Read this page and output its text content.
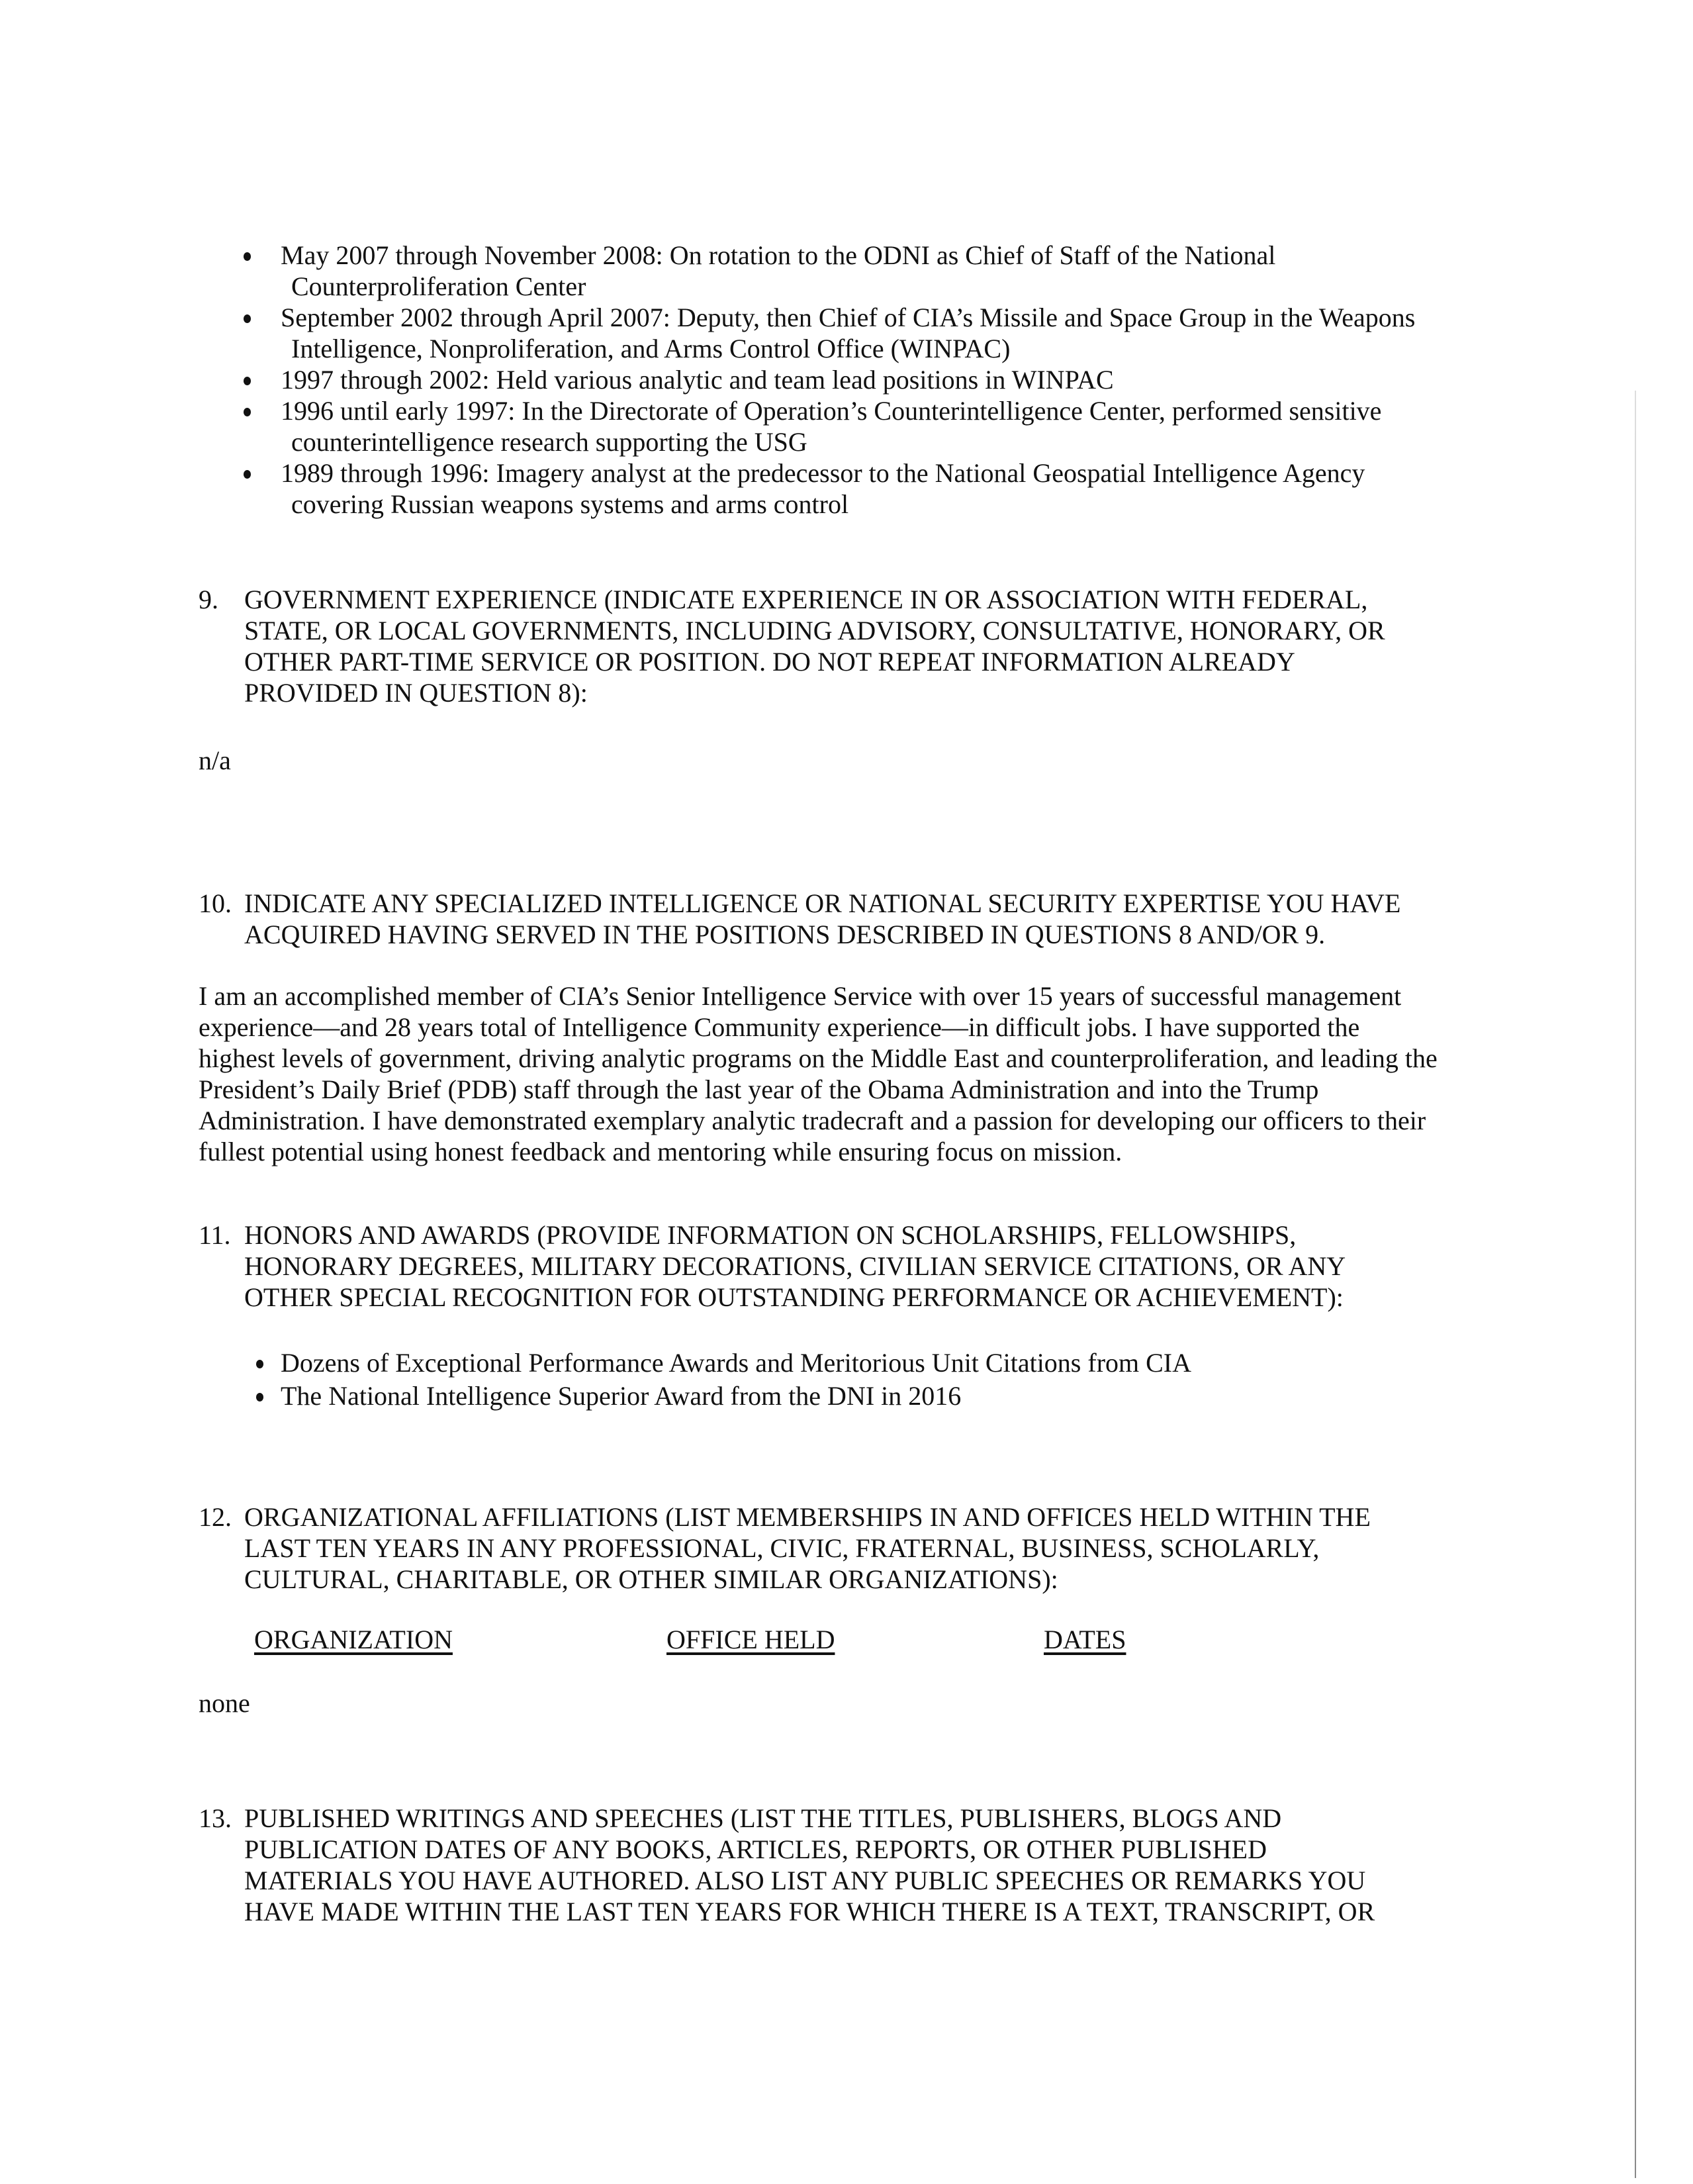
May 2007 through November 2008: On rotation to the ODNI as Chief of Staff of the National
Counterproliferation Center
September 2002 through April 2007: Deputy, then Chief of CIA’s Missile and Space Group in the Weapons
Intelligence, Nonproliferation, and Arms Control Office (WINPAC)
1997 through 2002: Held various analytic and team lead positions in WINPAC
1996 until early 1997: In the Directorate of Operation’s Counterintelligence Center, performed sensitive
counterintelligence research supporting the USG
1989 through 1996: Imagery analyst at the predecessor to the National Geospatial Intelligence Agency
covering Russian weapons systems and arms control
9. GOVERNMENT EXPERIENCE (INDICATE EXPERIENCE IN OR ASSOCIATION WITH FEDERAL,
STATE, OR LOCAL GOVERNMENTS, INCLUDING ADVISORY, CONSULTATIVE, HONORARY, OR
OTHER PART-TIME SERVICE OR POSITION. DO NOT REPEAT INFORMATION ALREADY
PROVIDED IN QUESTION 8):
n/a
10. INDICATE ANY SPECIALIZED INTELLIGENCE OR NATIONAL SECURITY EXPERTISE YOU HAVE
ACQUIRED HAVING SERVED IN THE POSITIONS DESCRIBED IN QUESTIONS 8 AND/OR 9.
I am an accomplished member of CIA’s Senior Intelligence Service with over 15 years of successful management
experience—and 28 years total of Intelligence Community experience—in difficult jobs. I have supported the
highest levels of government, driving analytic programs on the Middle East and counterproliferation, and leading the
President’s Daily Brief (PDB) staff through the last year of the Obama Administration and into the Trump
Administration. I have demonstrated exemplary analytic tradecraft and a passion for developing our officers to their
fullest potential using honest feedback and mentoring while ensuring focus on mission.
11. HONORS AND AWARDS (PROVIDE INFORMATION ON SCHOLARSHIPS, FELLOWSHIPS,
HONORARY DEGREES, MILITARY DECORATIONS, CIVILIAN SERVICE CITATIONS, OR ANY
OTHER SPECIAL RECOGNITION FOR OUTSTANDING PERFORMANCE OR ACHIEVEMENT):
Dozens of Exceptional Performance Awards and Meritorious Unit Citations from CIA
The National Intelligence Superior Award from the DNI in 2016
12. ORGANIZATIONAL AFFILIATIONS (LIST MEMBERSHIPS IN AND OFFICES HELD WITHIN THE
LAST TEN YEARS IN ANY PROFESSIONAL, CIVIC, FRATERNAL, BUSINESS, SCHOLARLY,
CULTURAL, CHARITABLE, OR OTHER SIMILAR ORGANIZATIONS):
ORGANIZATION	OFFICE HELD	DATES
none
13. PUBLISHED WRITINGS AND SPEECHES (LIST THE TITLES, PUBLISHERS, BLOGS AND
PUBLICATION DATES OF ANY BOOKS, ARTICLES, REPORTS, OR OTHER PUBLISHED
MATERIALS YOU HAVE AUTHORED. ALSO LIST ANY PUBLIC SPEECHES OR REMARKS YOU
HAVE MADE WITHIN THE LAST TEN YEARS FOR WHICH THERE IS A TEXT, TRANSCRIPT, OR
